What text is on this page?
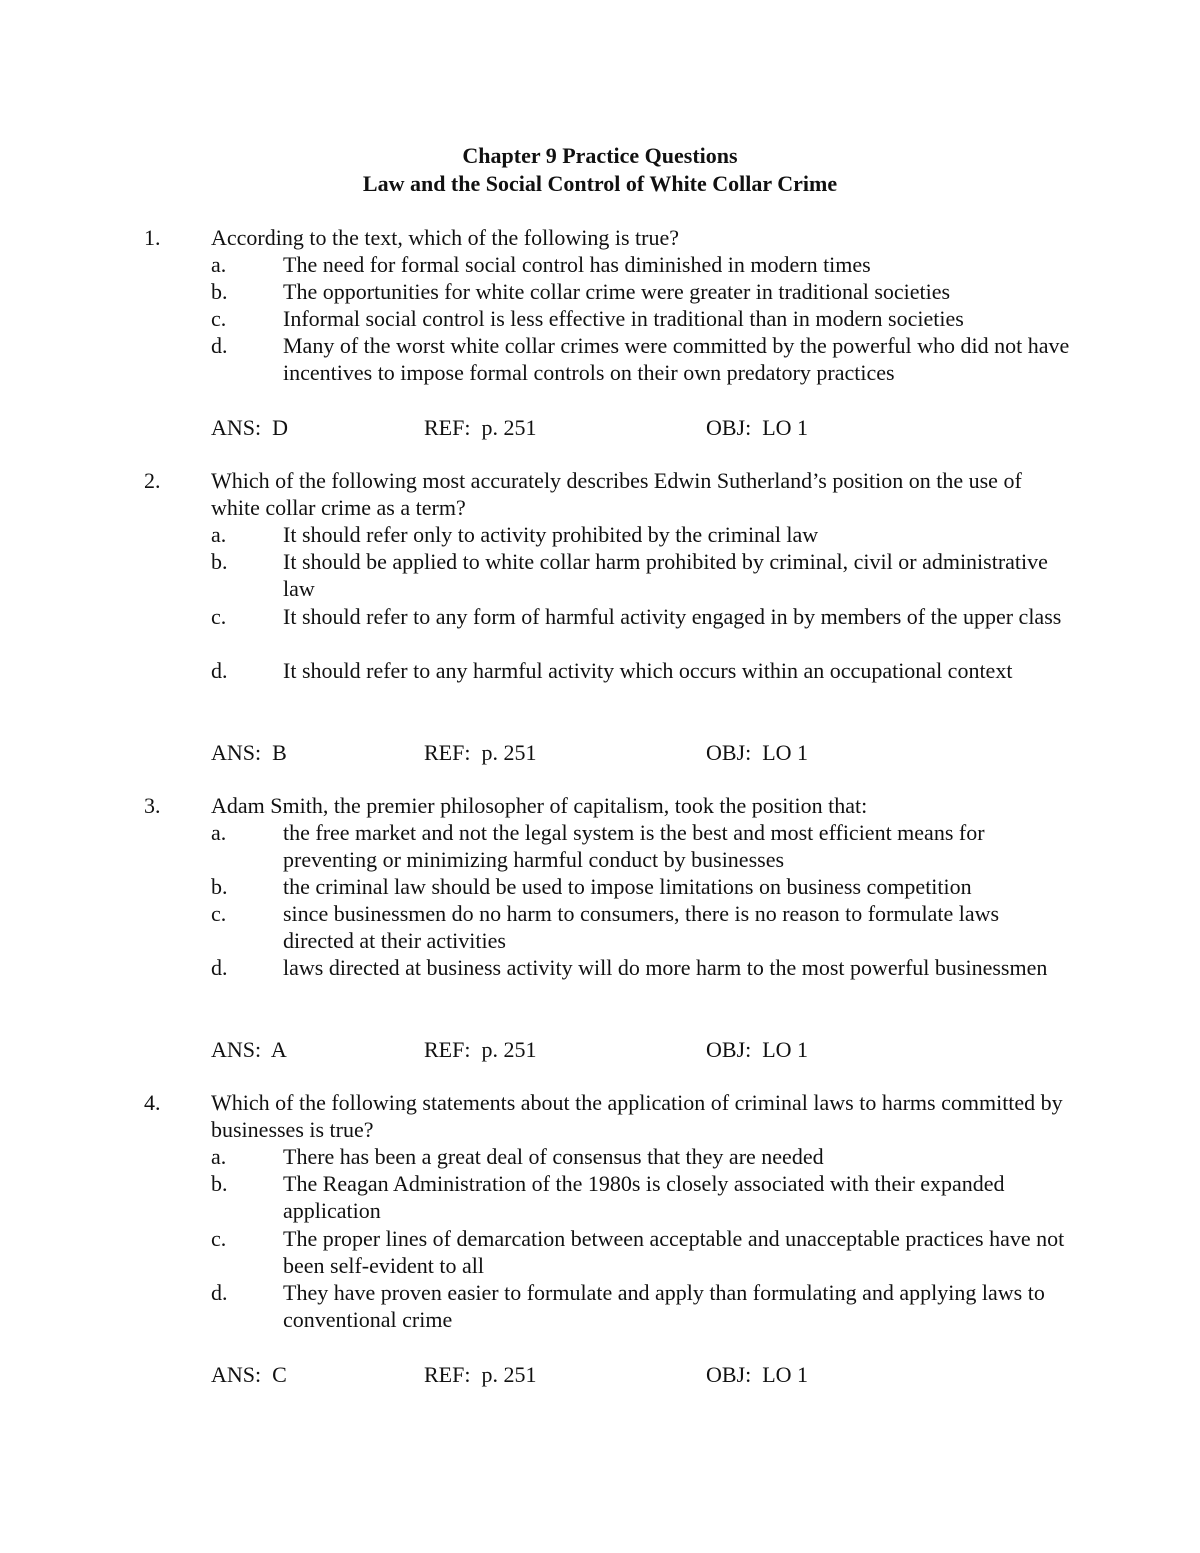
Chapter 9 Practice Questions
Law and the Social Control of White Collar Crime
1. According to the text, which of the following is true?
a.	The need for formal social control has diminished in modern times
b.	The opportunities for white collar crime were greater in traditional societies
c.	Informal social control is less effective in traditional than in modern societies
d.	Many of the worst white collar crimes were committed by the powerful who did not have incentives to impose formal controls on their own predatory practices
ANS:  D	REF:  p. 251	OBJ:  LO 1
2. Which of the following most accurately describes Edwin Sutherland’s position on the use of white collar crime as a term?
a.	It should refer only to activity prohibited by the criminal law
b.	It should be applied to white collar harm prohibited by criminal, civil or administrative law
c.	It should refer to any form of harmful activity engaged in by members of the upper class
d.	It should refer to any harmful activity which occurs within an occupational context
ANS:  B	REF:  p. 251	OBJ:  LO 1
3. Adam Smith, the premier philosopher of capitalism, took the position that:
a.	the free market and not the legal system is the best and most efficient means for preventing or minimizing harmful conduct by businesses
b.	the criminal law should be used to impose limitations on business competition
c.	since businessmen do no harm to consumers, there is no reason to formulate laws directed at their activities
d.	laws directed at business activity will do more harm to the most powerful businessmen
ANS:  A	REF:  p. 251	OBJ:  LO 1
4. Which of the following statements about the application of criminal laws to harms committed by businesses is true?
a.	There has been a great deal of consensus that they are needed
b.	The Reagan Administration of the 1980s is closely associated with their expanded application
c.	The proper lines of demarcation between acceptable and unacceptable practices have not been self-evident to all
d.	They have proven easier to formulate and apply than formulating and applying laws to conventional crime
ANS:  C	REF:  p. 251	OBJ:  LO 1
